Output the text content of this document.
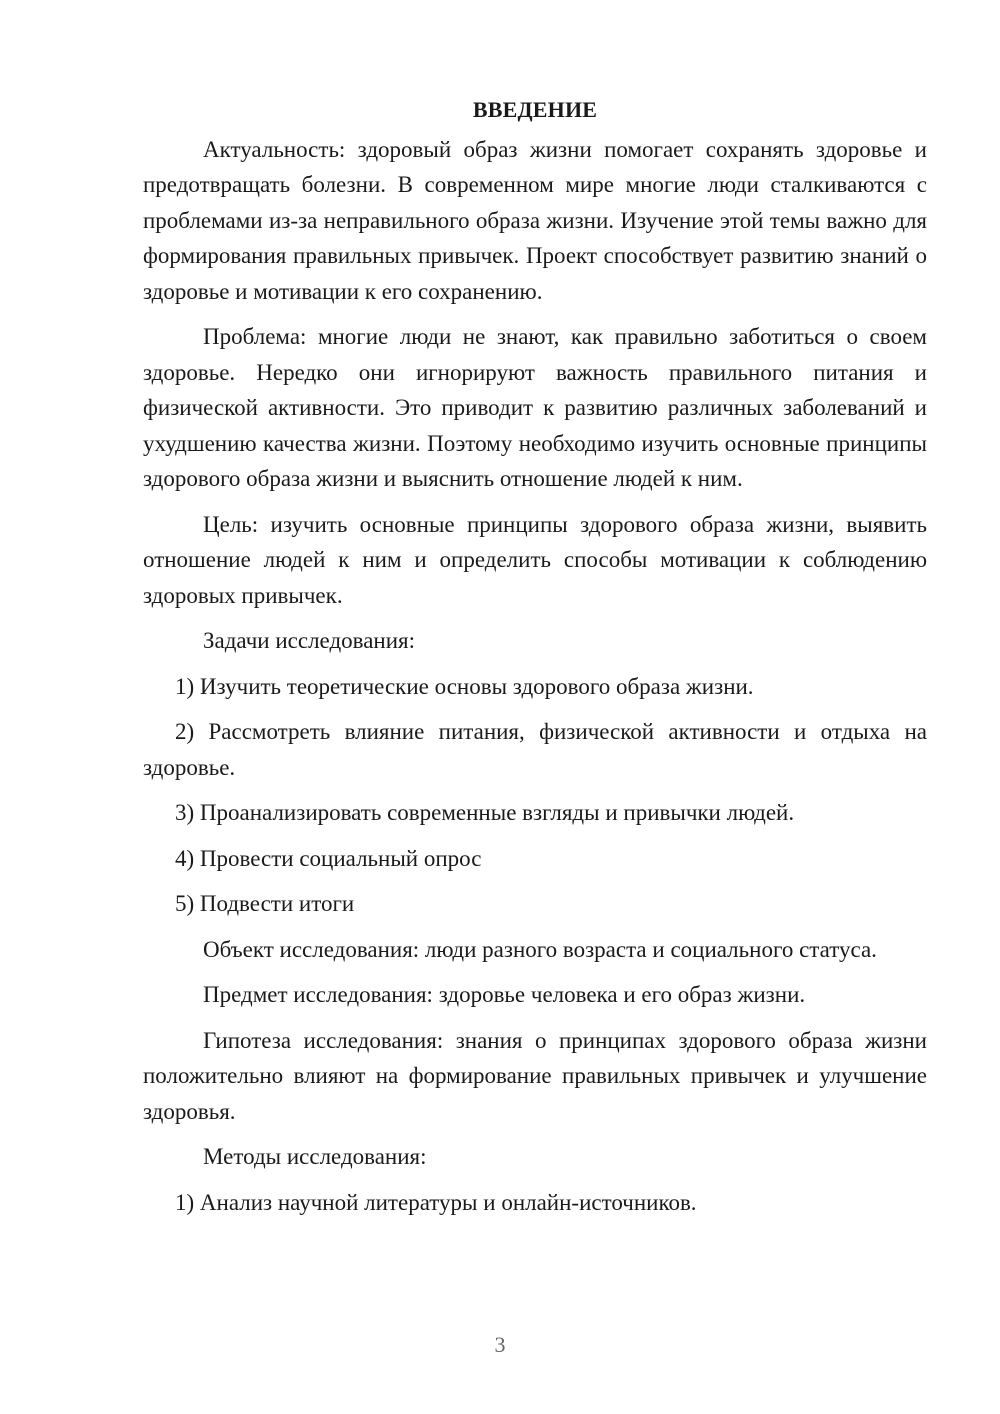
ВВЕДЕНИЕ

Актуальность: здоровый образ жизни помогает сохранять здоровье и предотвращать болезни. В современном мире многие люди сталкиваются с проблемами из-за неправильного образа жизни. Изучение этой темы важно для формирования правильных привычек. Проект способствует развитию знаний о здоровье и мотивации к его сохранению.

Проблема: многие люди не знают, как правильно заботиться о своем здоровье. Нередко они игнорируют важность правильного питания и физической активности. Это приводит к развитию различных заболеваний и ухудшению качества жизни. Поэтому необходимо изучить основные принципы здорового образа жизни и выяснить отношение людей к ним.

Цель: изучить основные принципы здорового образа жизни, выявить отношение людей к ним и определить способы мотивации к соблюдению здоровых привычек.

Задачи исследования:

1) Изучить теоретические основы здорового образа жизни.

2) Рассмотреть влияние питания, физической активности и отдыха на здоровье.

3) Проанализировать современные взгляды и привычки людей.

4) Провести социальный опрос

5) Подвести итоги

Объект исследования: люди разного возраста и социального статуса.

Предмет исследования: здоровье человека и его образ жизни.

Гипотеза исследования: знания о принципах здорового образа жизни положительно влияют на формирование правильных привычек и улучшение здоровья.

Методы исследования:

1) Анализ научной литературы и онлайн-источников.

3
